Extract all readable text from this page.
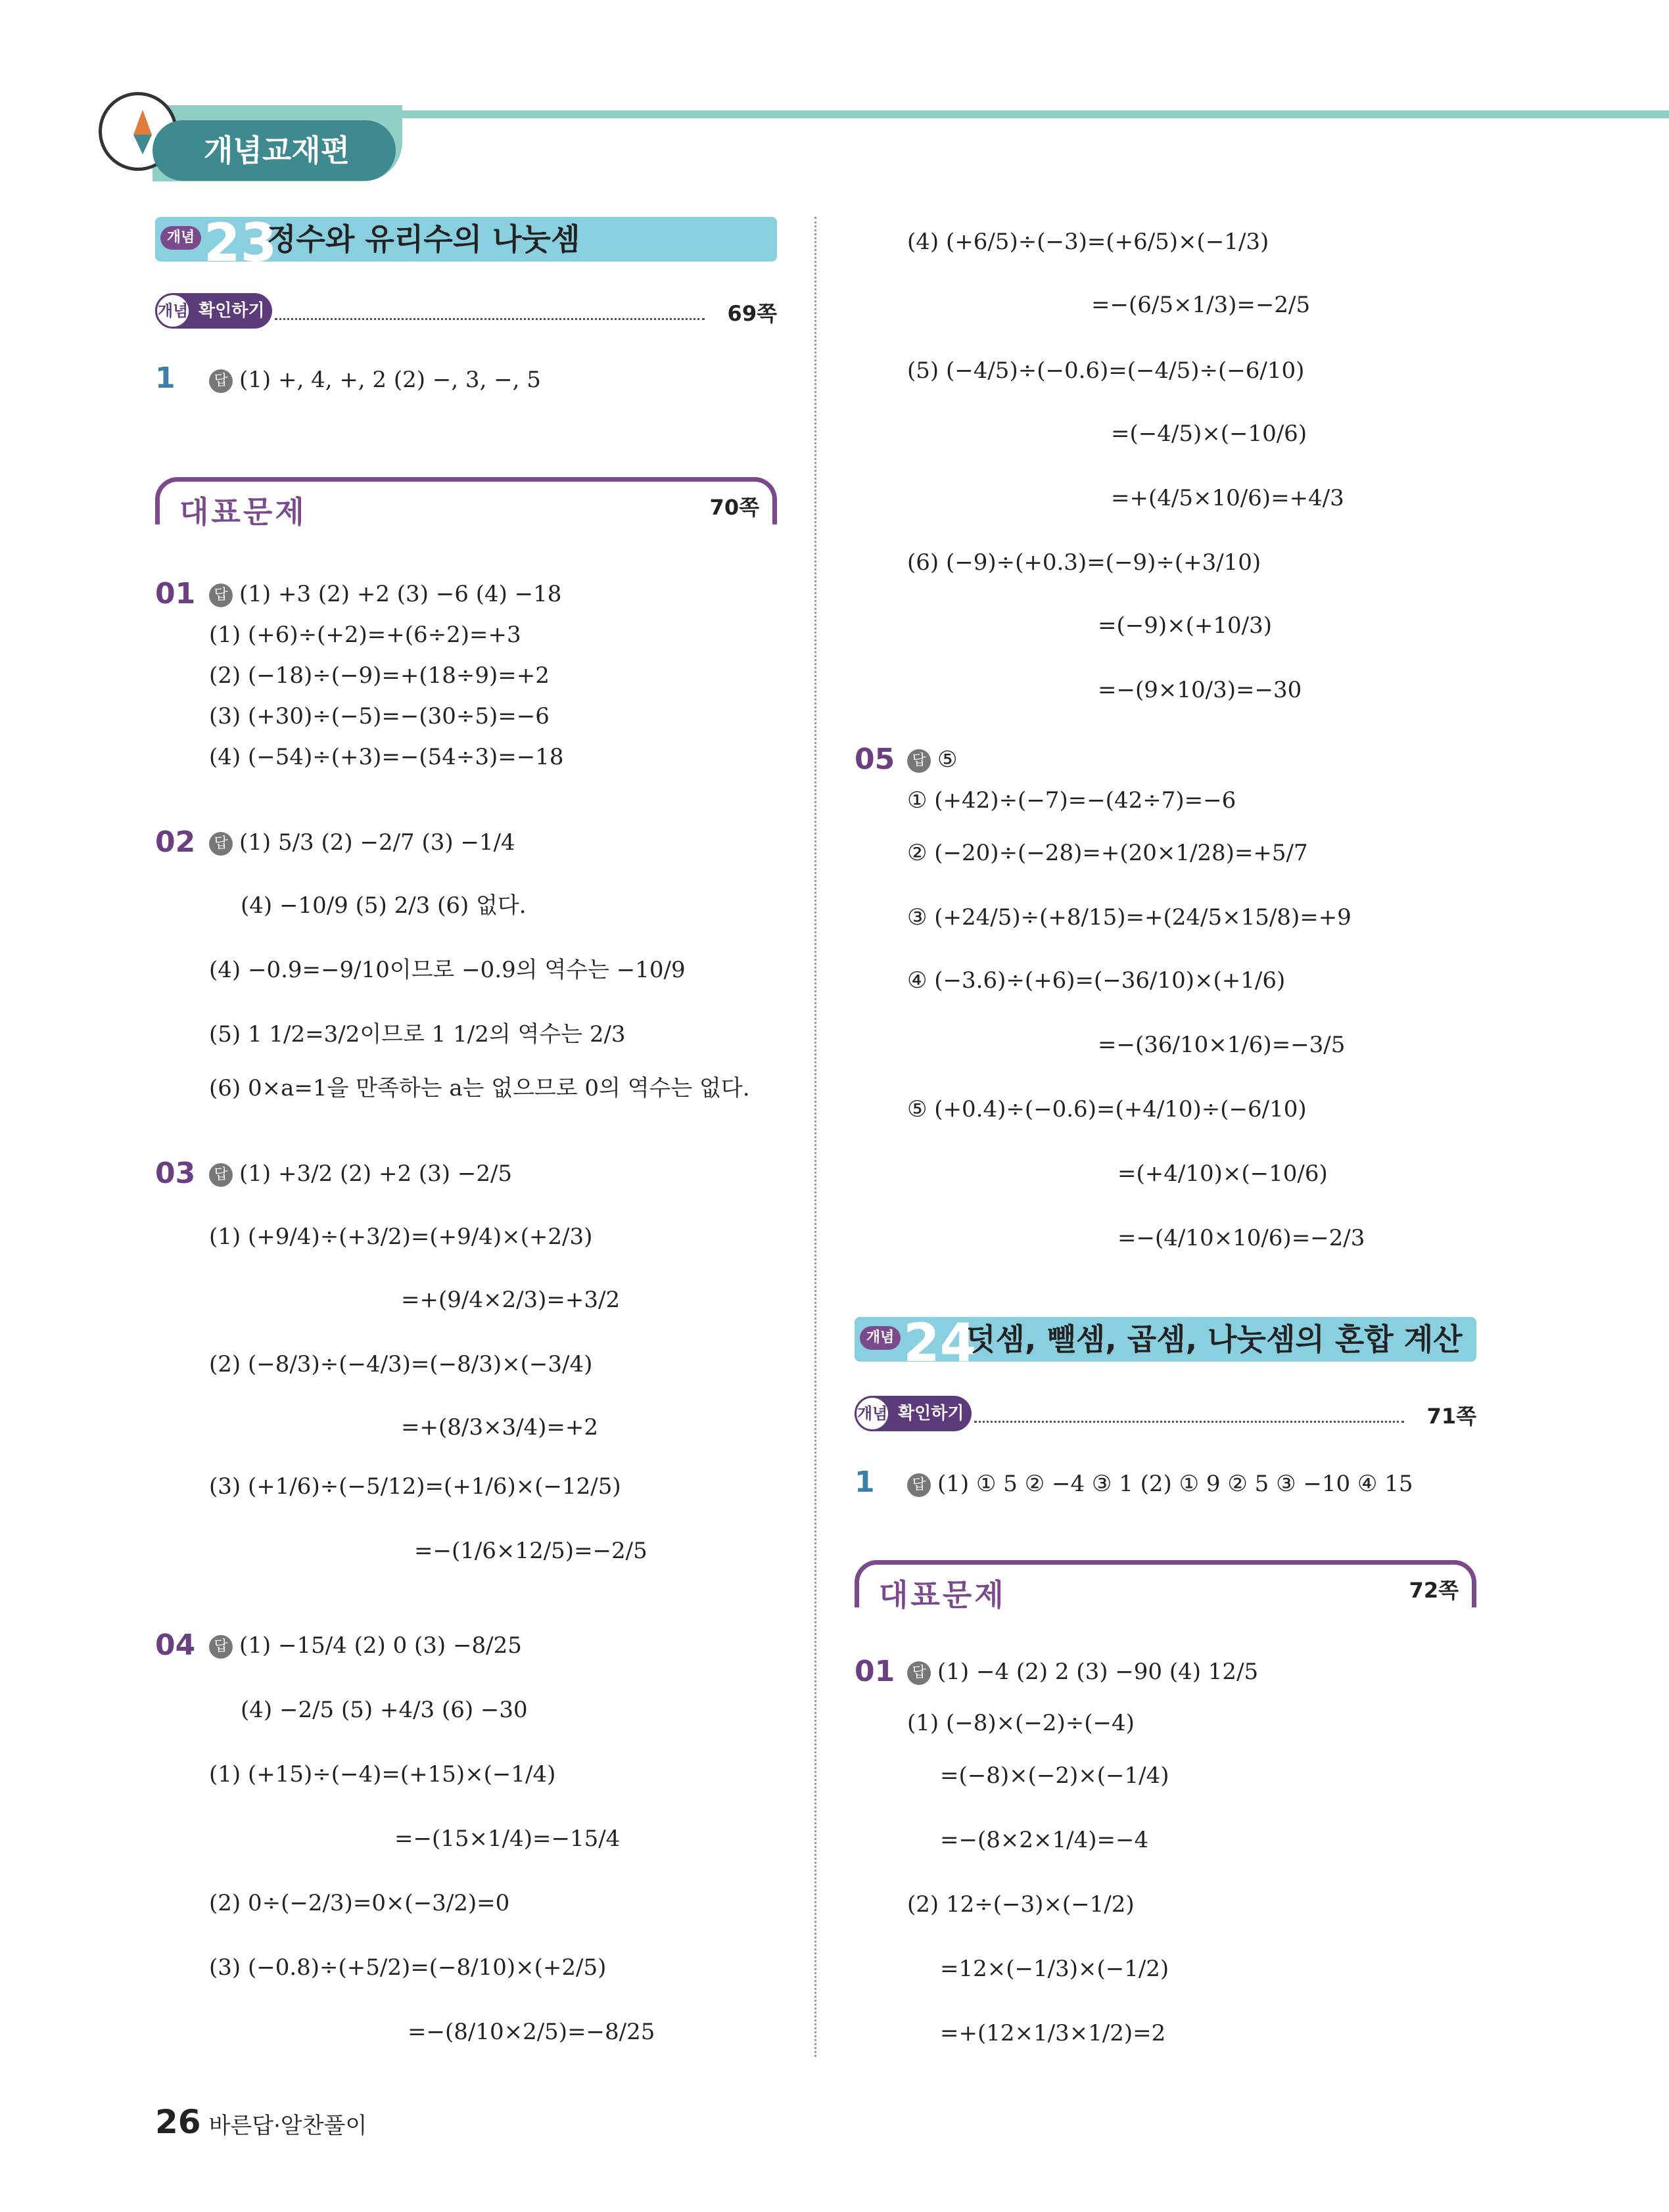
개념교재편
개념 23
정수와 유리수의 나눗셈
개념 확인하기	69쪽
1	답 (1) +, 4, +, 2 (2) −, 3, −, 5
대표문제	70쪽
01	답 (1) +3 (2) +2 (3) −6 (4) −18
(1) (+6)÷(+2)=+(6÷2)=+3
(2) (−18)÷(−9)=+(18÷9)=+2
(3) (+30)÷(−5)=−(30÷5)=−6
(4) (−54)÷(+3)=−(54÷3)=−18
02	답 (1) 5/3 (2) −2/7 (3) −1/4
(4) −10/9 (5) 2/3 (6) 없다.
(4) −0.9=−9/10이므로 −0.9의 역수는 −10/9
(5) 1 1/2=3/2이므로 1 1/2의 역수는 2/3
(6) 0×a=1을 만족하는 a는 없으므로 0의 역수는 없다.
03	답 (1) +3/2 (2) +2 (3) −2/5
(1) (+9/4)÷(+3/2)=(+9/4)×(+2/3)
=+(9/4×2/3)=+3/2
(2) (−8/3)÷(−4/3)=(−8/3)×(−3/4)
=+(8/3×3/4)=+2
(3) (+1/6)÷(−5/12)=(+1/6)×(−12/5)
=−(1/6×12/5)=−2/5
04	답 (1) −15/4 (2) 0 (3) −8/25
(4) −2/5 (5) +4/3 (6) −30
(1) (+15)÷(−4)=(+15)×(−1/4)
=−(15×1/4)=−15/4
(2) 0÷(−2/3)=0×(−3/2)=0
(3) (−0.8)÷(+5/2)=(−8/10)×(+2/5)
=−(8/10×2/5)=−8/25
(4) (+6/5)÷(−3)=(+6/5)×(−1/3)
=−(6/5×1/3)=−2/5
(5) (−4/5)÷(−0.6)=(−4/5)÷(−6/10)
=(−4/5)×(−10/6)
=+(4/5×10/6)=+4/3
(6) (−9)÷(+0.3)=(−9)÷(+3/10)
=(−9)×(+10/3)
=−(9×10/3)=−30
05	답 ⑤
① (+42)÷(−7)=−(42÷7)=−6
② (−20)÷(−28)=+(20×1/28)=+5/7
③ (+24/5)÷(+8/15)=+(24/5×15/8)=+9
④ (−3.6)÷(+6)=(−36/10)×(+1/6)
=−(36/10×1/6)=−3/5
⑤ (+0.4)÷(−0.6)=(+4/10)÷(−6/10)
=(+4/10)×(−10/6)
=−(4/10×10/6)=−2/3
개념 24
덧셈, 뺄셈, 곱셈, 나눗셈의 혼합 계산
개념 확인하기	71쪽
1	답 (1) ① 5 ② −4 ③ 1 (2) ① 9 ② 5 ③ −10 ④ 15
대표문제	72쪽
01	답 (1) −4 (2) 2 (3) −90 (4) 12/5
(1) (−8)×(−2)÷(−4)
=(−8)×(−2)×(−1/4)
=−(8×2×1/4)=−4
(2) 12÷(−3)×(−1/2)
=12×(−1/3)×(−1/2)
=+(12×1/3×1/2)=2
26 바른답·알찬풀이
